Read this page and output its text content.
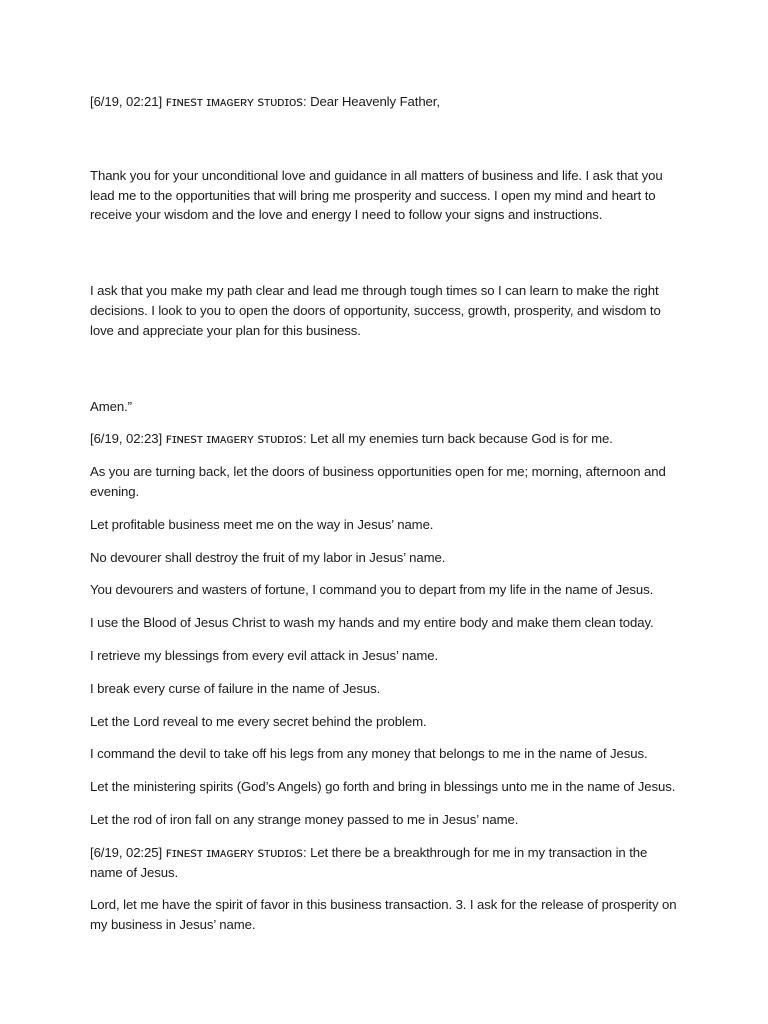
[6/19, 02:21] ꜰɪɴᴇꜱᴛ ɪᴍᴀɢᴇʀʏ ꜱᴛᴜᴅɪᴏꜱ: Dear Heavenly Father,

Thank you for your unconditional love and guidance in all matters of business and life. I ask that you lead me to the opportunities that will bring me prosperity and success. I open my mind and heart to receive your wisdom and the love and energy I need to follow your signs and instructions.

I ask that you make my path clear and lead me through tough times so I can learn to make the right decisions. I look to you to open the doors of opportunity, success, growth, prosperity, and wisdom to love and appreciate your plan for this business.

Amen.”

[6/19, 02:23] ꜰɪɴᴇꜱᴛ ɪᴍᴀɢᴇʀʏ ꜱᴛᴜᴅɪᴏꜱ: Let all my enemies turn back because God is for me.

As you are turning back, let the doors of business opportunities open for me; morning, afternoon and evening.

Let profitable business meet me on the way in Jesus’ name.

No devourer shall destroy the fruit of my labor in Jesus’ name.

You devourers and wasters of fortune, I command you to depart from my life in the name of Jesus.

I use the Blood of Jesus Christ to wash my hands and my entire body and make them clean today.

I retrieve my blessings from every evil attack in Jesus’ name.

I break every curse of failure in the name of Jesus.

Let the Lord reveal to me every secret behind the problem.

I command the devil to take off his legs from any money that belongs to me in the name of Jesus.

Let the ministering spirits (God’s Angels) go forth and bring in blessings unto me in the name of Jesus.

Let the rod of iron fall on any strange money passed to me in Jesus’ name.

[6/19, 02:25] ꜰɪɴᴇꜱᴛ ɪᴍᴀɢᴇʀʏ ꜱᴛᴜᴅɪᴏꜱ: Let there be a breakthrough for me in my transaction in the name of Jesus.

Lord, let me have the spirit of favor in this business transaction. 3. I ask for the release of prosperity on my business in Jesus’ name.
